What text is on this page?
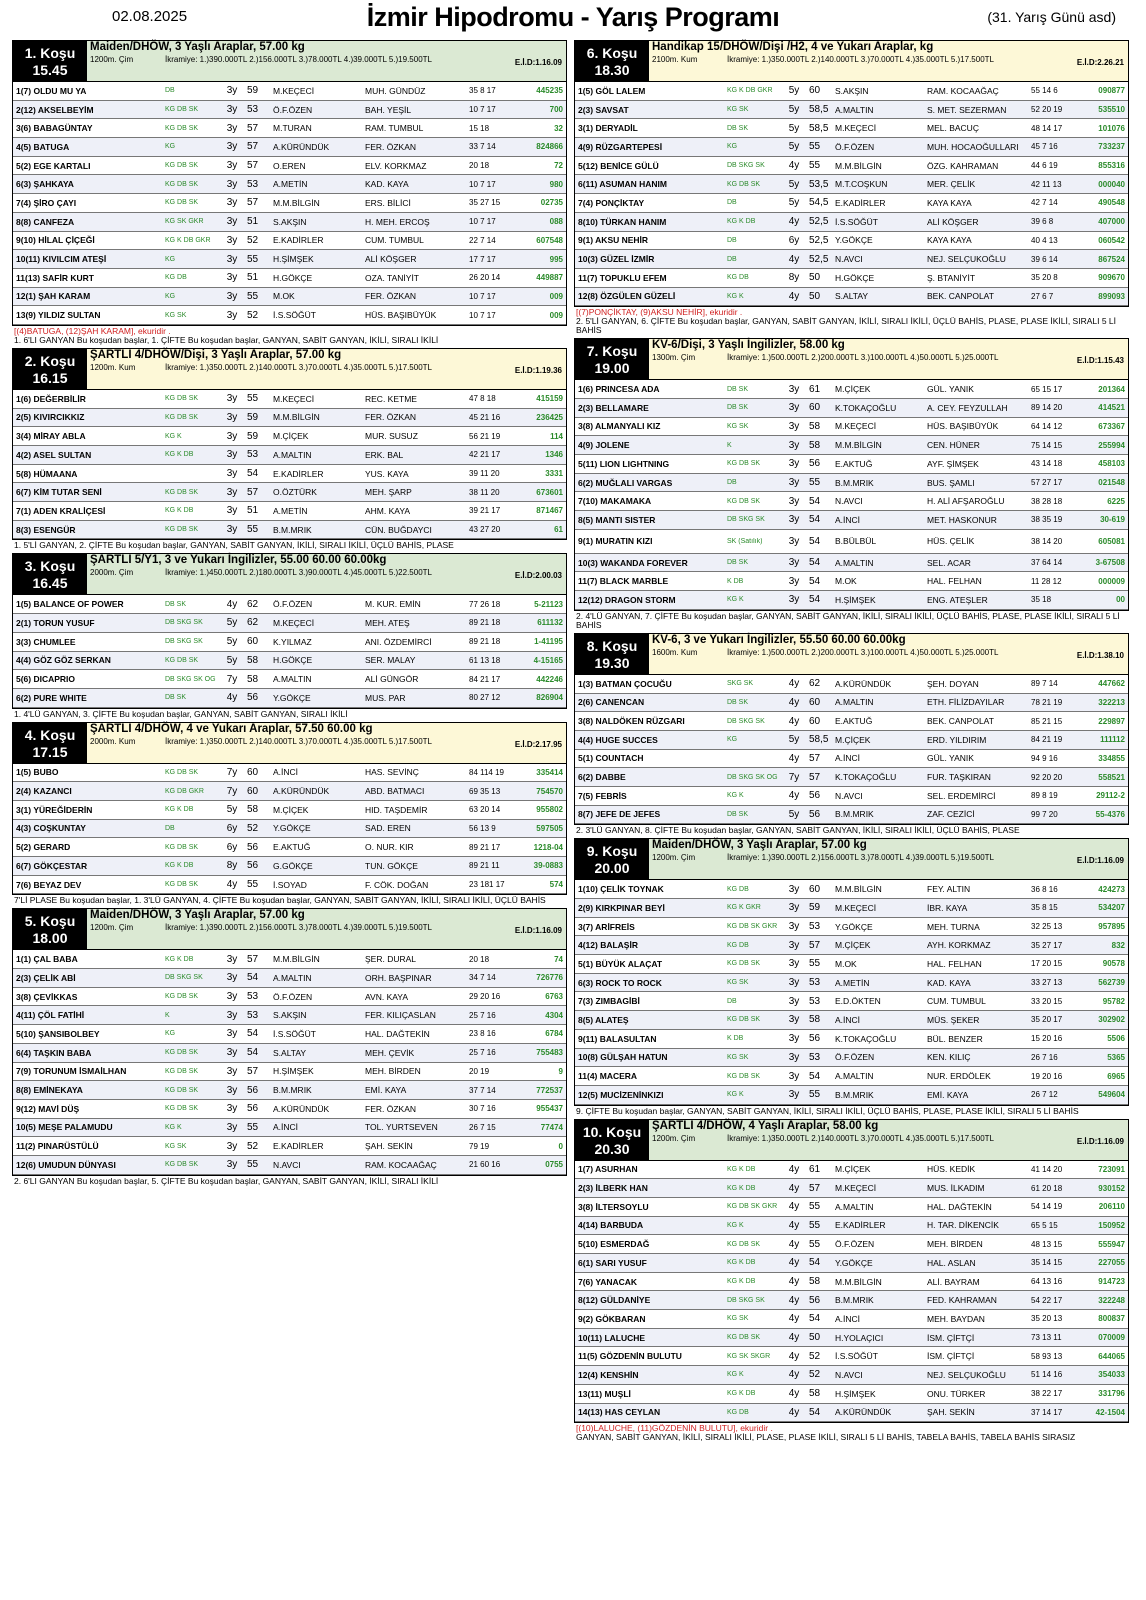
02.08.2025	İzmir Hipodromu - Yarış Programı	(31. Yarış Günü asd)
1. Koşu
15.45
Maiden/DHÖW, 3 Yaşlı Araplar, 57.00 kg
1200m. Çim	İkramiye: 1.)390.000TL 2.)156.000TL 3.)78.000TL 4.)39.000TL 5.)19.500TL	E.İ.D:1.16.09
1(7) OLDU MU YA	DB	3y 59	M.KEÇECİ	MUH. GÜNDÜZ	35 8 17	445235
2(12) AKSELBEYİM	KG DB SK	3y 53	Ö.F.ÖZEN	BAH. YEŞİL	10 7 17	700
3(6) BABAGÜNTAY	KG DB SK	3y 57	M.TURAN	RAM. TUMBUL	15 18	32
4(5) BATUGA	KG	3y 57	A.KÜRÜNDÜK	FER. ÖZKAN	33 7 14	824866
5(2) EGE KARTALI	KG DB SK	3y 57	O.EREN	ELV. KORKMAZ	20 18	72
6(3) ŞAHKAYA	KG DB SK	3y 53	A.METİN	KAD. KAYA	10 7 17	980
7(4) ŞİRO ÇAYI	KG DB SK	3y 57	M.M.BİLGİN	ERS. BİLİCİ	35 27 15	02735
8(8) CANFEZA	KG SK GKR	3y 51	S.AKŞIN	H. MEH. ERCOŞ	10 7 17	088
9(10) HİLAL ÇİÇEĞİ	KG K DB GKR	3y 52	E.KADİRLER	CUM. TUMBUL	22 7 14	607548
10(11) KIVILCIM ATEŞİ	KG	3y 55	H.ŞİMŞEK	ALİ KÖŞGER	17 7 17	995
11(13) SAFİR KURT	KG DB	3y 51	H.GÖKÇE	OZA. TANİYİT	26 20 14	449887
12(1) ŞAH KARAM	KG	3y 55	M.OK	FER. ÖZKAN	10 7 17	009
13(9) YILDIZ SULTAN	KG SK	3y 52	İ.S.SÖĞÜT	HÜS. BAŞIBÜYÜK	10 7 17	009
[(4)BATUGA, (12)ŞAH KARAM], ekuridir .
1. 6'LI GANYAN Bu koşudan başlar, 1. ÇİFTE Bu koşudan başlar, GANYAN, SABİT GANYAN, İKİLİ, SIRALI İKİLİ
2. Koşu
16.15
ŞARTLI 4/DHÖW/Dişi, 3 Yaşlı Araplar, 57.00 kg
1200m. Kum	İkramiye: 1.)350.000TL 2.)140.000TL 3.)70.000TL 4.)35.000TL 5.)17.500TL	E.İ.D:1.19.36
1(6) DEĞERBİLİR	KG DB SK	3y 55	M.KEÇECİ	REC. KETME	47 8 18	415159
2(5) KIVIRCIKKIZ	KG DB SK	3y 59	M.M.BİLGİN	FER. ÖZKAN	45 21 16	236425
3(4) MİRAY ABLA	KG K	3y 59	M.ÇİÇEK	MUR. SUSUZ	56 21 19	114
4(2) ASEL SULTAN	KG K DB	3y 53	A.MALTIN	ERK. BAL	42 21 17	1346
5(8) HÜMAANA	3y 54	E.KADİRLER	YUS. KAYA	39 11 20	3331
6(7) KİM TUTAR SENİ	KG DB SK	3y 57	O.ÖZTÜRK	MEH. ŞARP	38 11 20	673601
7(1) ADEN KRALİÇESİ	KG K DB	3y 51	A.METİN	AHM. KAYA	39 21 17	871467
8(3) ESENGÜR	KG DB SK	3y 55	B.M.MRIK	CÜN. BUĞDAYCI	43 27 20	61
1. 5'Lİ GANYAN, 2. ÇİFTE Bu koşudan başlar, GANYAN, SABİT GANYAN, İKİLİ, SIRALI İKİLİ, ÜÇLÜ BAHİS, PLASE
3. Koşu
16.45
ŞARTLI 5/Y1, 3 ve Yukarı İngilizler, 55.00 60.00 60.00kg
2000m. Çim	İkramiye: 1.)450.000TL 2.)180.000TL 3.)90.000TL 4.)45.000TL 5.)22.500TL	E.İ.D:2.00.03
1(5) BALANCE OF POWER	DB SK	4y 62	Ö.F.ÖZEN	M. KUR. EMİN	77 26 18	5-21123
2(1) TORUN YUSUF	DB SKG SK	5y 62	M.KEÇECİ	MEH. ATEŞ	89 21 18	611132
3(3) CHUMLEE	DB SKG SK	5y 60	K.YILMAZ	ANI. ÖZDEMİRCİ	89 21 18	1-41195
4(4) GÖZ GÖZ SERKAN	KG DB SK	5y 58	H.GÖKÇE	SER. MALAY	61 13 18	4-15165
5(6) DICAPRIO	DB SKG SK OG	7y 58	A.MALTIN	ALİ GÜNGÖR	84 21 17	442246
6(2) PURE WHITE	DB SK	4y 56	Y.GÖKÇE	MUS. PAR	80 27 12	826904
1. 4'LÜ GANYAN, 3. ÇİFTE Bu koşudan başlar, GANYAN, SABİT GANYAN, SIRALI İKİLİ
4. Koşu
17.15
ŞARTLI 4/DHÖW, 4 ve Yukarı Araplar, 57.50 60.00 kg
2000m. Kum	İkramiye: 1.)350.000TL 2.)140.000TL 3.)70.000TL 4.)35.000TL 5.)17.500TL	E.İ.D:2.17.95
1(5) BUBO	KG DB SK	7y 60	A.İNCİ	HAS. SEVİNÇ	84 114 19	335414
2(4) KAZANCI	KG DB GKR	7y 60	A.KÜRÜNDÜK	ABD. BATMACI	69 35 13	754570
3(1) YÜREĞİDERİN	KG K DB	5y 58	M.ÇİÇEK	HID. TAŞDEMİR	63 20 14	955802
4(3) COŞKUNTAY	DB	6y 52	Y.GÖKÇE	SAD. EREN	56 13 9	597505
5(2) GERARD	KG DB SK	6y 56	E.AKTUĞ	O. NUR. KIR	89 21 17	1218-04
6(7) GÖKÇESTAR	KG K DB	8y 56	G.GÖKÇE	TUN. GÖKÇE	89 21 11	39-0883
7(6) BEYAZ DEV	KG DB SK	4y 55	İ.SOYAD	F. CÖK. DOĞAN	23 181 17	574
7'Lİ PLASE Bu koşudan başlar, 1. 3'LÜ GANYAN, 4. ÇİFTE Bu koşudan başlar, GANYAN, SABİT GANYAN, İKİLİ, SIRALI İKİLİ, ÜÇLÜ BAHİS
5. Koşu
18.00
Maiden/DHÖW, 3 Yaşlı Araplar, 57.00 kg
1200m. Çim	İkramiye: 1.)390.000TL 2.)156.000TL 3.)78.000TL 4.)39.000TL 5.)19.500TL	E.İ.D:1.16.09
1(1) ÇAL BABA	KG K DB	3y 57	M.M.BİLGİN	ŞER. DURAL	20 18	74
2(3) ÇELİK ABİ	DB SKG SK	3y 54	A.MALTIN	ORH. BAŞPINAR	34 7 14	726776
3(8) ÇEVİKKAS	KG DB SK	3y 53	Ö.F.ÖZEN	AVN. KAYA	29 20 16	6763
4(11) ÇÖL FATİHİ	K	3y 53	S.AKŞIN	FER. KILIÇASLAN	25 7 16	4304
5(10) ŞANSIBOLBEY	KG	3y 54	İ.S.SÖĞÜT	HAL. DAĞTEKİN	23 8 16	6784
6(4) TAŞKIN BABA	KG DB SK	3y 54	S.ALTAY	MEH. ÇEVİK	25 7 16	755483
7(9) TORUNUM İSMAİLHAN	KG DB SK	3y 57	H.ŞİMŞEK	MEH. BİRDEN	20 19	9
8(8) EMİNEKAYA	KG DB SK	3y 56	B.M.MRIK	EMİ. KAYA	37 7 14	772537
9(12) MAVİ DÜŞ	KG DB SK	3y 56	A.KÜRÜNDÜK	FER. ÖZKAN	30 7 16	955437
10(5) MEŞE PALAMUDU	KG K	3y 55	A.İNCİ	TOL. YURTSEVEN	26 7 15	77474
11(2) PINARÜSTÜLÜ	KG SK	3y 52	E.KADİRLER	ŞAH. SEKİN	79 19	0
12(6) UMUDUN DÜNYASI	KG DB SK	3y 55	N.AVCI	RAM. KOCAAĞAÇ	21 60 16	0755
2. 6'LI GANYAN Bu koşudan başlar, 5. ÇİFTE Bu koşudan başlar, GANYAN, SABİT GANYAN, İKİLİ, SIRALI İKİLİ
6. Koşu
18.30
Handikap 15/DHÖW/Dişi /H2, 4 ve Yukarı Araplar, kg
2100m. Kum	İkramiye: 1.)350.000TL 2.)140.000TL 3.)70.000TL 4.)35.000TL 5.)17.500TL	E.İ.D:2.26.21
1(5) GÖL LALEM	KG K DB GKR	5y 60	S.AKŞIN	RAM. KOCAAĞAÇ	55 14 6	090877
2(3) SAVSAT	KG SK	5y 58,5 A.MALTIN	S. MET. SEZERMAN	52 20 19	535510
3(1) DERYADİL	DB SK	5y 58,5 M.KEÇECİ	MEL. BACUÇ	48 14 17	101076
4(9) RÜZGARTEPESİ	KG	5y 55	Ö.F.ÖZEN	MUH. HOCAOĞULLARI	45 7 16	733237
5(12) BENİCE GÜLÜ	DB SKG SK	4y 55	M.M.BİLGİN	ÖZG. KAHRAMAN	44 6 19	855316
6(11) ASUMAN HANIM	KG DB SK	5y 53,5 M.T.COŞKUN	MER. ÇELİK	42 11 13	000040
7(4) PONÇİKTAY	DB	5y 54,5 E.KADİRLER	KAYA KAYA	42 7 14	490548
8(10) TÜRKAN HANIM	KG K DB	4y 52,5 İ.S.SÖĞÜT	ALİ KÖŞGER	39 6 8	407000
9(1) AKSU NEHİR	DB	6y 52,5 Y.GÖKÇE	KAYA KAYA	40 4 13	060542
10(3) GÜZEL İZMİR	DB	4y 52,5 N.AVCI	NEJ. SELÇUKOĞLU	39 6 14	867524
11(7) TOPUKLU EFEM	KG DB	8y 50	H.GÖKÇE	Ş. BTANİYİT	35 20 8	909670
12(8) ÖZGÜLEN GÜZELİ	KG K	4y 50	S.ALTAY	BEK. CANPOLAT	27 6 7	899093
[(7)PONÇİKTAY, (9)AKSU NEHİR], ekuridir .
2. 5'Lİ GANYAN, 6. ÇİFTE Bu koşudan başlar, GANYAN, SABİT GANYAN, İKİLİ, SIRALI İKİLİ, ÜÇLÜ BAHİS, PLASE, PLASE İKİLİ, SIRALI 5 Lİ BAHİS
7. Koşu
19.00
KV-6/Dişi, 3 Yaşlı İngilizler, 58.00 kg
1300m. Çim	İkramiye: 1.)500.000TL 2.)200.000TL 3.)100.000TL 4.)50.000TL 5.)25.000TL	E.İ.D:1.15.43
1(6) PRINCESA ADA	DB SK	3y 61	M.ÇİÇEK	GÜL. YANIK	65 15 17	201364
2(3) BELLAMARE	DB SK	3y 60	K.TOKAÇOĞLU	A. CEY. FEYZULLAH	89 14 20	414521
3(8) ALMANYALI KIZ	KG SK	3y 58	M.KEÇECİ	HÜS. BAŞIBÜYÜK	64 14 12	673367
4(9) JOLENE	K	3y 58	M.M.BİLGİN	CEN. HÜNER	75 14 15	255994
5(11) LION LIGHTNING	KG DB SK	3y 56	E.AKTUĞ	AYF. ŞİMŞEK	43 14 18	458103
6(2) MUĞLALI VARGAS	DB	3y 55	B.M.MRIK	BUS. ŞAMLI	57 27 17	021548
7(10) MAKAMAKA	KG DB SK	3y 54	N.AVCI	H. ALİ AFŞAROĞLU	38 28 18	6225
8(5) MANTI SISTER	DB SKG SK	3y 54	A.İNCİ	MET. HASKONUR	38 35 19	30-619
9(1) MURATIN KIZI	SK (Satılık)	3y 54	B.BÜLBÜL	HÜS. ÇELİK	38 14 20	605081
10(3) WAKANDA FOREVER	DB SK	3y 54	A.MALTIN	SEL. ACAR	37 64 14	3-67508
11(7) BLACK MARBLE	K DB	3y 54	M.OK	HAL. FELHAN	11 28 12	000009
12(12) DRAGON STORM	KG K	3y 54	H.ŞİMŞEK	ENG. ATEŞLER	35 18	00
2. 4'LÜ GANYAN, 7. ÇİFTE Bu koşudan başlar, GANYAN, SABİT GANYAN, İKİLİ, SIRALI İKİLİ, ÜÇLÜ BAHİS, PLASE, PLASE İKİLİ, SIRALI 5 Lİ BAHİS
8. Koşu
19.30
KV-6, 3 ve Yukarı İngilizler, 55.50 60.00 60.00kg
1600m. Kum	İkramiye: 1.)500.000TL 2.)200.000TL 3.)100.000TL 4.)50.000TL 5.)25.000TL	E.İ.D:1.38.10
1(3) BATMAN ÇOCUĞU	SKG SK	4y 62	A.KÜRÜNDÜK	ŞEH. DOYAN	89 7 14	447662
2(6) CANENCAN	DB SK	4y 60	A.MALTIN	ETH. FİLİZDAYILAR	78 21 19	322213
3(8) NALDÖKEN RÜZGARI	DB SKG SK	4y 60	E.AKTUĞ	BEK. CANPOLAT	85 21 15	229897
4(4) HUGE SUCCES	KG	5y 58,5 M.ÇİÇEK	ERD. YILDIRIM	84 21 19	111112
5(1) COUNTACH	4y 57	A.İNCİ	GÜL. YANIK	94 9 16	334855
6(2) DABBE	DB SKG SK OG	7y 57	K.TOKAÇOĞLU	FUR. TAŞKIRAN	92 20 20	558521
7(5) FEBRİS	KG K	4y 56	N.AVCI	SEL. ERDEMİRCİ	89 8 19	29112-2
8(7) JEFE DE JEFES	DB SK	5y 56	B.M.MRIK	ZAF. CEZİCİ	99 7 20	55-4376
2. 3'LÜ GANYAN, 8. ÇİFTE Bu koşudan başlar, GANYAN, SABİT GANYAN, İKİLİ, SIRALI İKİLİ, ÜÇLÜ BAHİS, PLASE
9. Koşu
20.00
Maiden/DHÖW, 3 Yaşlı Araplar, 57.00 kg
1200m. Çim	İkramiye: 1.)390.000TL 2.)156.000TL 3.)78.000TL 4.)39.000TL 5.)19.500TL	E.İ.D:1.16.09
1(10) ÇELİK TOYNAK	KG DB	3y 60	M.M.BİLGİN	FEY. ALTIN	36 8 16	424273
2(9) KIRKPINAR BEYİ	KG K GKR	3y 59	M.KEÇECİ	İBR. KAYA	35 8 15	534207
3(7) ARİFREİS	KG DB SK GKR	3y 53	Y.GÖKÇE	MEH. TURNA	32 25 13	957895
4(12) BALAŞİR	KG DB	3y 57	M.ÇİÇEK	AYH. KORKMAZ	35 27 17	832
5(1) BÜYÜK ALAÇAT	KG DB SK	3y 55	M.OK	HAL. FELHAN	17 20 15	90578
6(3) ROCK TO ROCK	KG SK	3y 53	A.METİN	KAD. KAYA	33 27 13	562739
7(3) ZIMBAGİBİ	DB	3y 53	E.D.ÖKTEN	CUM. TUMBUL	33 20 15	95782
8(5) ALATEŞ	KG DB SK	3y 58	A.İNCİ	MÜS. ŞEKER	35 20 17	302902
9(11) BALASULTAN	K DB	3y 56	K.TOKAÇOĞLU	BÜL. BENZER	15 20 16	5506
10(8) GÜLŞAH HATUN	KG SK	3y 53	Ö.F.ÖZEN	KEN. KILIÇ	26 7 16	5365
11(4) MACERA	KG DB SK	3y 54	A.MALTIN	NUR. ERDÖLEK	19 20 16	6965
12(5) MUCİZENİNKIZI	KG K	3y 55	B.M.MRIK	EMİ. KAYA	26 7 12	549604
9. ÇİFTE Bu koşudan başlar, GANYAN, SABİT GANYAN, İKİLİ, SIRALI İKİLİ, ÜÇLÜ BAHİS, PLASE, PLASE İKİLİ, SIRALI 5 Lİ BAHİS
10. Koşu
20.30
ŞARTLI 4/DHÖW, 4 Yaşlı Araplar, 58.00 kg
1200m. Çim	İkramiye: 1.)350.000TL 2.)140.000TL 3.)70.000TL 4.)35.000TL 5.)17.500TL	E.İ.D:1.16.09
1(7) ASURHAN	KG K DB	4y 61	M.ÇİÇEK	HÜS. KEDİK	41 14 20	723091
2(3) İLBERK HAN	KG K DB	4y 57	M.KEÇECİ	MUS. İLKADIM	61 20 18	930152
3(8) İLTERSOYLU	KG DB SK GKR	4y 55	A.MALTIN	HAL. DAĞTEKİN	54 14 19	206110
4(14) BARBUDA	KG K	4y 55	E.KADİRLER	H. TAR. DİKENCİK	65 5 15	150952
5(10) ESMERDAĞ	KG DB SK	4y 55	Ö.F.ÖZEN	MEH. BİRDEN	48 13 15	555947
6(1) SARI YUSUF	KG K DB	4y 54	Y.GÖKÇE	HAL. ASLAN	35 14 15	227055
7(6) YANACAK	KG K DB	4y 58	M.M.BİLGİN	ALİ. BAYRAM	64 13 16	914723
8(12) GÜLDANİYE	DB SKG SK	4y 56	B.M.MRIK	FED. KAHRAMAN	54 22 17	322248
9(2) GÖKBARAN	KG SK	4y 54	A.İNCİ	MEH. BAYDAN	35 20 13	800837
10(11) LALUCHE	KG DB SK	4y 50	H.YOLAÇICI	İSM. ÇİFTÇİ	73 13 11	070009
11(5) GÖZDENİN BULUTU	KG SK SKGR	4y 52	İ.S.SÖĞÜT	İSM. ÇİFTÇİ	58 93 13	644065
12(4) KENSHİN	KG K	4y 52	N.AVCI	NEJ. SELÇUKOĞLU	51 14 16	354033
13(11) MUŞLİ	KG K DB	4y 58	H.ŞİMŞEK	ONU. TÜRKER	38 22 17	331796
14(13) HAS CEYLAN	KG DB	4y 54	A.KÜRÜNDÜK	ŞAH. SEKİN	37 14 17	42-1504
[(10)LALUCHE, (11)GÖZDENİN BULUTU], ekuridir .
GANYAN, SABİT GANYAN, İKİLİ, SIRALI İKİLİ, PLASE, PLASE İKİLİ, SIRALI 5 Lİ BAHİS, TABELA BAHİS, TABELA BAHİS SIRASIZ
